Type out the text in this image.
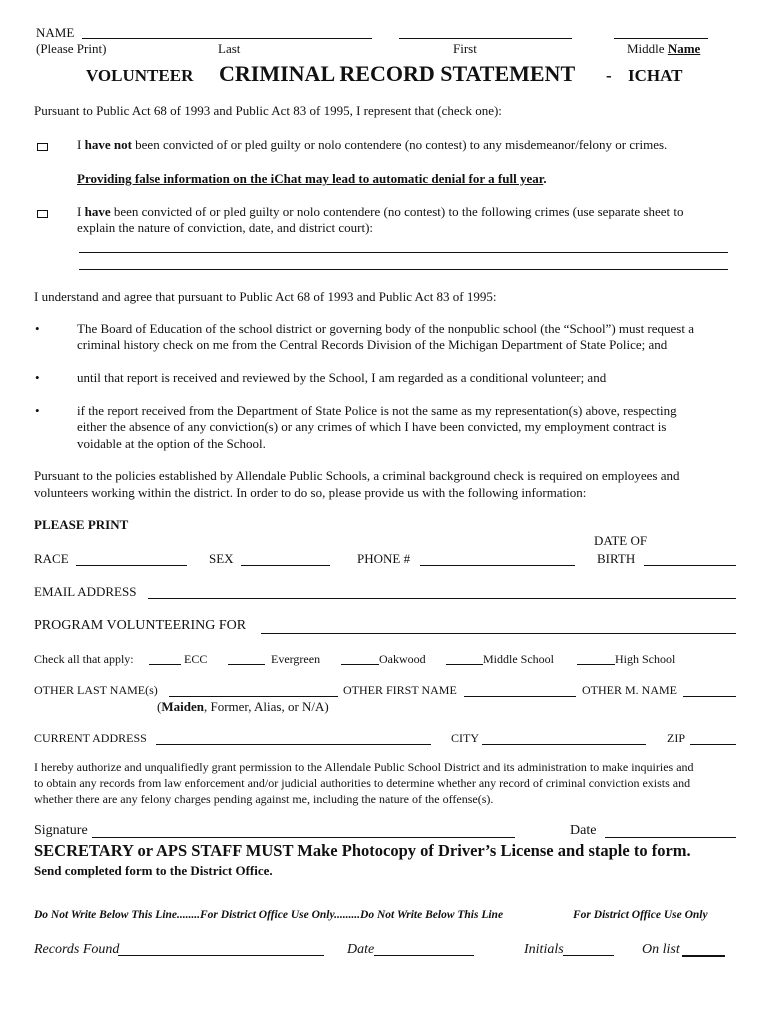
NAME
(Please Print)	Last	First	Middle Name
VOLUNTEER CRIMINAL RECORD STATEMENT - ICHAT
Pursuant to Public Act 68 of 1993 and Public Act 83 of 1995, I represent that (check one):
I have not been convicted of or pled guilty or nolo contendere (no contest) to any misdemeanor/felony or crimes.
Providing false information on the iChat may lead to automatic denial for a full year.
I have been convicted of or pled guilty or nolo contendere (no contest) to the following crimes (use separate sheet to
explain the nature of conviction, date, and district court):
I understand and agree that pursuant to Public Act 68 of 1993 and Public Act 83 of 1995:
•	The Board of Education of the school district or governing body of the nonpublic school (the “School”) must request a
criminal history check on me from the Central Records Division of the Michigan Department of State Police; and
•	until that report is received and reviewed by the School, I am regarded as a conditional volunteer; and
•	if the report received from the Department of State Police is not the same as my representation(s) above, respecting
either the absence of any conviction(s) or any crimes of which I have been convicted, my employment contract is
voidable at the option of the School.
Pursuant to the policies established by Allendale Public Schools, a criminal background check is required on employees and
volunteers working within the district. In order to do so, please provide us with the following information:
PLEASE PRINT
RACE	SEX	PHONE #
DATE OF
BIRTH
EMAIL ADDRESS
PROGRAM VOLUNTEERING FOR
Check all that apply:	ECC	Evergreen	Oakwood	Middle School	High School
OTHER LAST NAME(s)	OTHER FIRST NAME	OTHER M. NAME
(Maiden, Former, Alias, or N/A)
CURRENT ADDRESS	CITY	ZIP
I hereby authorize and unqualifiedly grant permission to the Allendale Public School District and its administration to make inquiries and
to obtain any records from law enforcement and/or judicial authorities to determine whether any record of criminal conviction exists and
whether there are any felony charges pending against me, including the nature of the offense(s).
Signature	Date
SECRETARY or APS STAFF MUST Make Photocopy of Driver’s License and staple to form.
Send completed form to the District Office.
Do Not Write Below This Line........For District Office Use Only.........Do Not Write Below This Line	For District Office Use Only
Records Found	Date	Initials	On list
